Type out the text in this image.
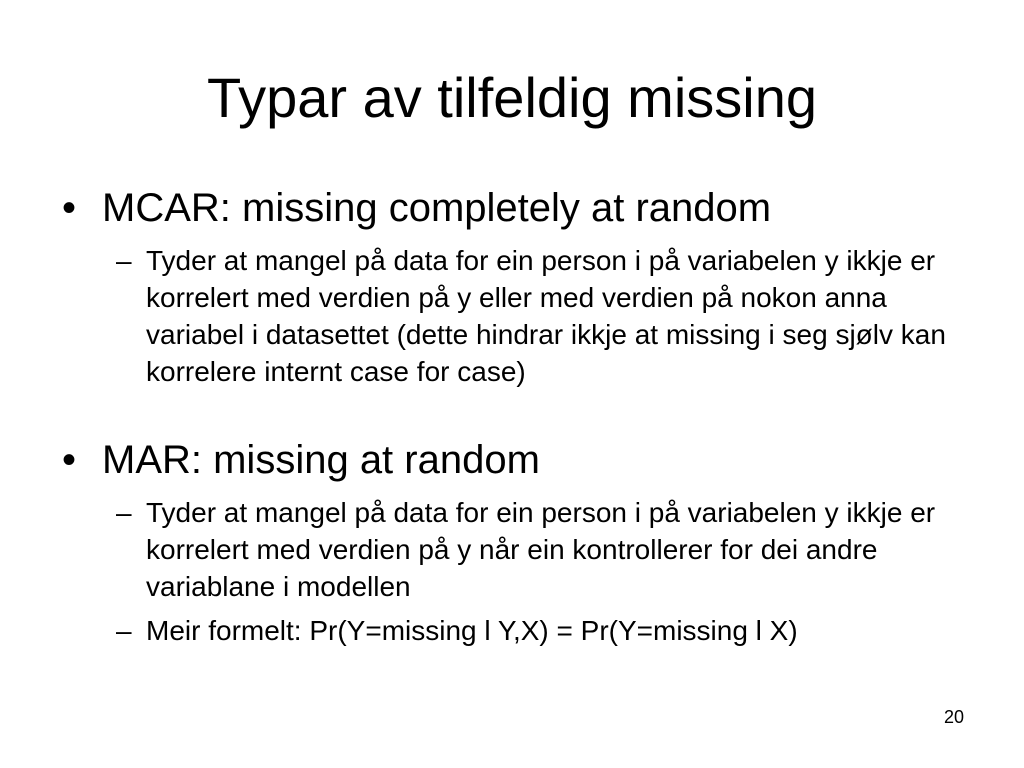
Typar av tilfeldig missing
• MCAR: missing completely at random
– Tyder at mangel på data for ein person i på variabelen y ikkje er korrelert med verdien på y eller med verdien på nokon anna variabel i datasettet (dette hindrar ikkje at missing i seg sjølv kan korrelere internt case for case)
• MAR: missing at random
– Tyder at mangel på data for ein person i på variabelen y ikkje er korrelert med verdien på y når ein kontrollerer for dei andre variablane i modellen
– Meir formelt: Pr(Y=missing l Y,X) = Pr(Y=missing l X)
20
